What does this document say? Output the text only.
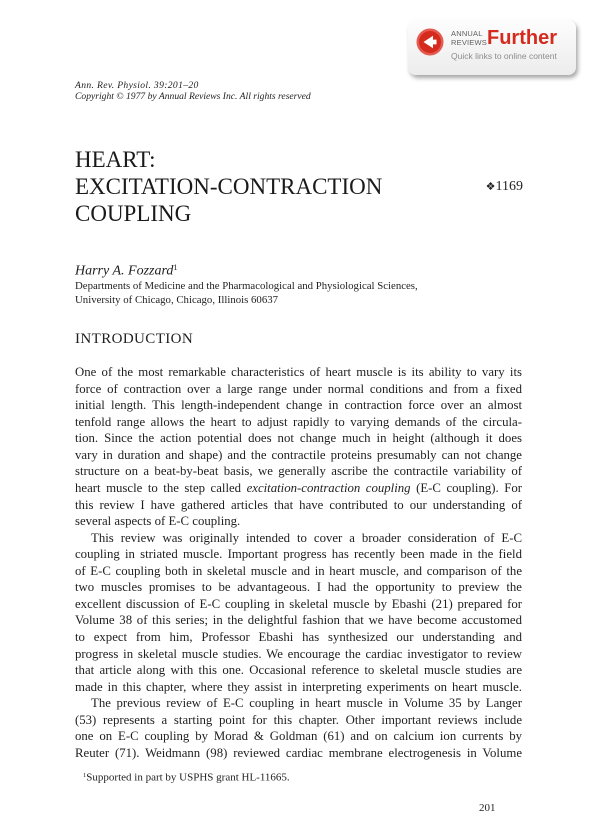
ANNUAL
REVIEWS Further
Quick links to online content
Ann. Rev. Physiol. 39:201–20
Copyright © 1977 by Annual Reviews Inc. All rights reserved
HEART:
EXCITATION-CONTRACTION
COUPLING
❖1169
Harry A. Fozzard$^1$
Departments of Medicine and the Pharmacological and Physiological Sciences,
University of Chicago, Chicago, Illinois 60637
INTRODUCTION
One of the most remarkable characteristics of heart muscle is its ability to vary its
force of contraction over a large range under normal conditions and from a fixed
initial length. This length-independent change in contraction force over an almost
tenfold range allows the heart to adjust rapidly to varying demands of the circula-
tion. Since the action potential does not change much in height (although it does
vary in duration and shape) and the contractile proteins presumably can not change
structure on a beat-by-beat basis, we generally ascribe the contractile variability of
heart muscle to the step called excitation-contraction coupling (E-C coupling). For
this review I have gathered articles that have contributed to our understanding of
several aspects of E-C coupling.
This review was originally intended to cover a broader consideration of E-C
coupling in striated muscle. Important progress has recently been made in the field
of E-C coupling both in skeletal muscle and in heart muscle, and comparison of the
two muscles promises to be advantageous. I had the opportunity to preview the
excellent discussion of E-C coupling in skeletal muscle by Ebashi (21) prepared for
Volume 38 of this series; in the delightful fashion that we have become accustomed
to expect from him, Professor Ebashi has synthesized our understanding and
progress in skeletal muscle studies. We encourage the cardiac investigator to review
that article along with this one. Occasional reference to skeletal muscle studies are
made in this chapter, where they assist in interpreting experiments on heart muscle.
The previous review of E-C coupling in heart muscle in Volume 35 by Langer
(53) represents a starting point for this chapter. Other important reviews include
one on E-C coupling by Morad & Goldman (61) and on calcium ion currents by
Reuter (71). Weidmann (98) reviewed cardiac membrane electrogenesis in Volume
$^1$Supported in part by USPHS grant HL-11665.
201
